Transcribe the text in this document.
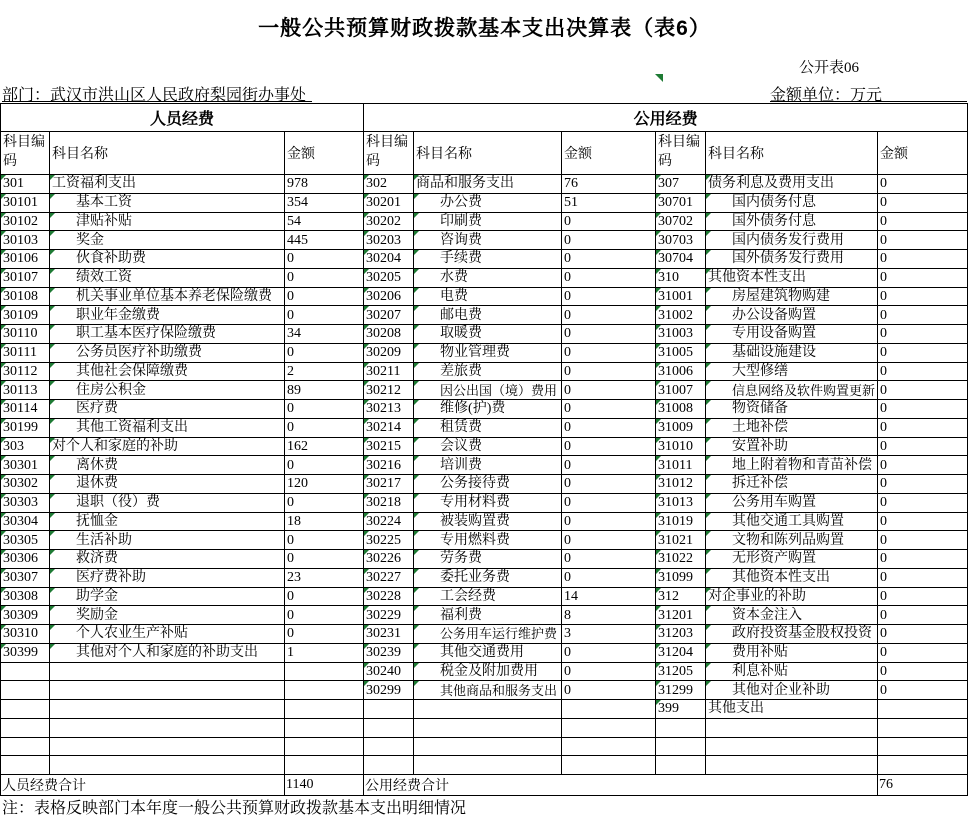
一般公共预算财政拨款基本支出决算表（表6）
公开表06
部门：武汉市洪山区人民政府梨园街办事处	金额单位：万元
人员经费			公用经费					
科目编码	科目名称	金额	科目编码	科目名称	金额	科目编码	科目名称	金额
301	工资福利支出	978	302	商品和服务支出	76	307	债务利息及费用支出	0
30101	基本工资	354	30201	办公费	51	30701	国内债务付息	0
30102	津贴补贴	54	30202	印刷费	0	30702	国外债务付息	0
30103	奖金	445	30203	咨询费	0	30703	国内债务发行费用	0
30106	伙食补助费	0	30204	手续费	0	30704	国外债务发行费用	0
30107	绩效工资	0	30205	水费	0	310	其他资本性支出	0
30108	机关事业单位基本养老保险缴费	0	30206	电费	0	31001	房屋建筑物购建	0
30109	职业年金缴费	0	30207	邮电费	0	31002	办公设备购置	0
30110	职工基本医疗保险缴费	34	30208	取暖费	0	31003	专用设备购置	0
30111	公务员医疗补助缴费	0	30209	物业管理费	0	31005	基础设施建设	0
30112	其他社会保障缴费	2	30211	差旅费	0	31006	大型修缮	0
30113	住房公积金	89	30212	因公出国（境）费用	0	31007	信息网络及软件购置更新	0
30114	医疗费	0	30213	维修(护)费	0	31008	物资储备	0
30199	其他工资福利支出	0	30214	租赁费	0	31009	土地补偿	0
303	对个人和家庭的补助	162	30215	会议费	0	31010	安置补助	0
30301	离休费	0	30216	培训费	0	31011	地上附着物和青苗补偿	0
30302	退休费	120	30217	公务接待费	0	31012	拆迁补偿	0
30303	退职（役）费	0	30218	专用材料费	0	31013	公务用车购置	0
30304	抚恤金	18	30224	被装购置费	0	31019	其他交通工具购置	0
30305	生活补助	0	30225	专用燃料费	0	31021	文物和陈列品购置	0
30306	救济费	0	30226	劳务费	0	31022	无形资产购置	0
30307	医疗费补助	23	30227	委托业务费	0	31099	其他资本性支出	0
30308	助学金	0	30228	工会经费	14	312	对企事业的补助	0
30309	奖励金	0	30229	福利费	8	31201	资本金注入	0
30310	个人农业生产补贴	0	30231	公务用车运行维护费	3	31203	政府投资基金股权投资	0
30399	其他对个人和家庭的补助支出	1	30239	其他交通费用	0	31204	费用补贴	0
			30240	税金及附加费用	0	31205	利息补贴	0
			30299	其他商品和服务支出	0	31299	其他对企业补助	0
						399	其他支出	

人员经费合计		1140	公用经费合计					76
注：表格反映部门本年度一般公共预算财政拨款基本支出明细情况
